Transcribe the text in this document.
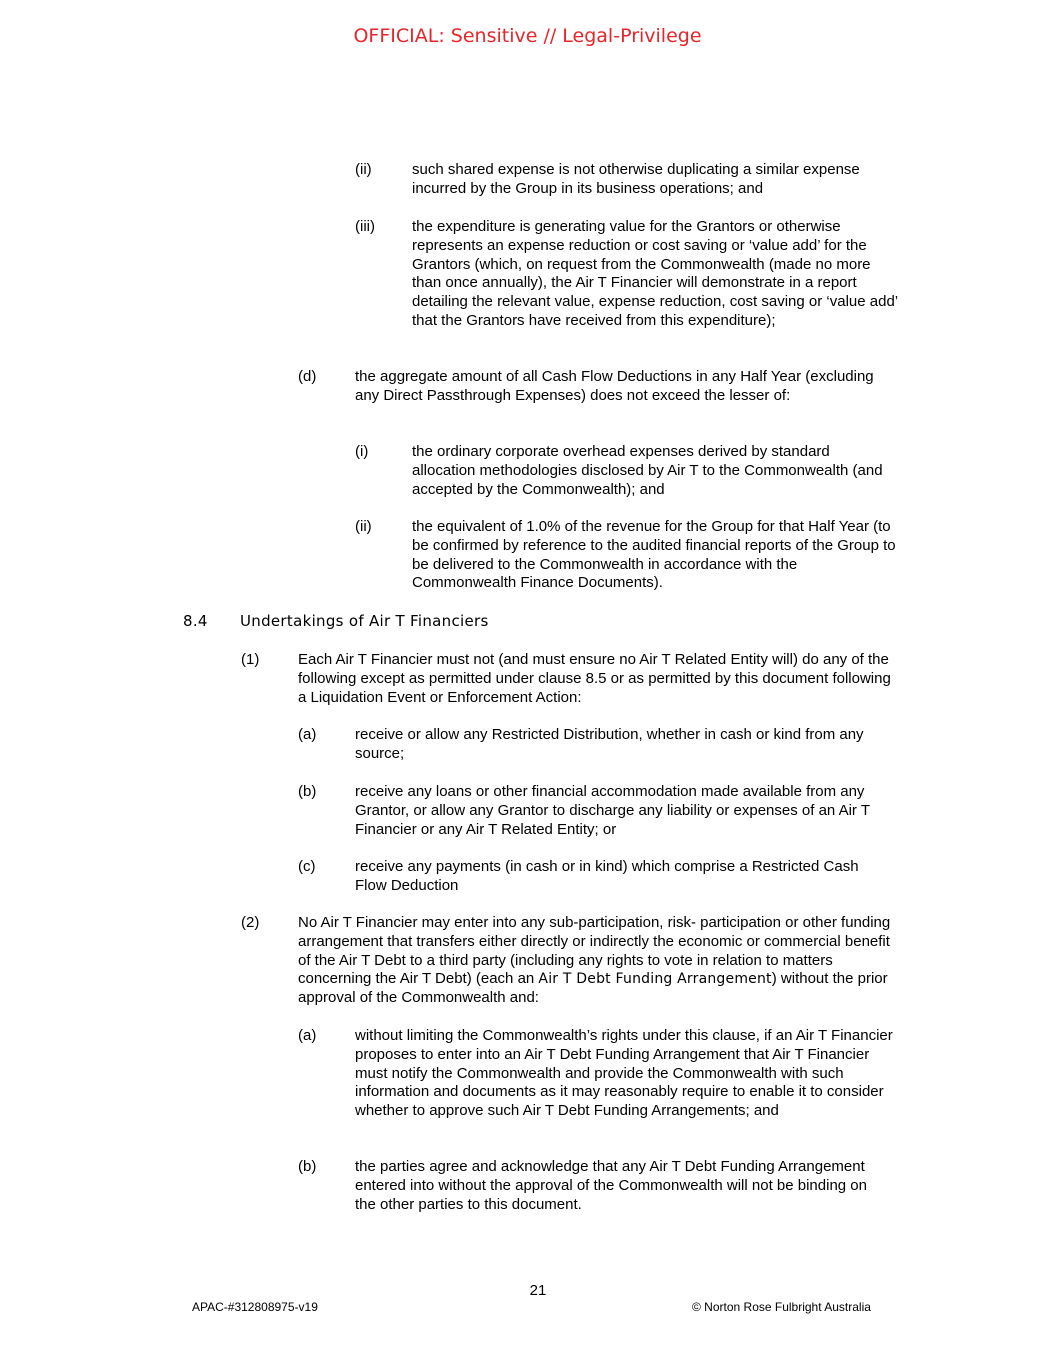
OFFICIAL: Sensitive // Legal-Privilege
(ii)	such shared expense is not otherwise duplicating a similar expense incurred by the Group in its business operations; and
(iii) the expenditure is generating value for the Grantors or otherwise represents an expense reduction or cost saving or ‘value add’ for the Grantors (which, on request from the Commonwealth (made no more than once annually), the Air T Financier will demonstrate in a report detailing the relevant value, expense reduction, cost saving or ‘value add’ that the Grantors have received from this expenditure);
(d)	the aggregate amount of all Cash Flow Deductions in any Half Year (excluding any Direct Passthrough Expenses) does not exceed the lesser of:
(i)	the ordinary corporate overhead expenses derived by standard allocation methodologies disclosed by Air T to the Commonwealth (and accepted by the Commonwealth); and
(ii)	the equivalent of 1.0% of the revenue for the Group for that Half Year (to be confirmed by reference to the audited financial reports of the Group to be delivered to the Commonwealth in accordance with the Commonwealth Finance Documents).
8.4 Undertakings of Air T Financiers
(1)	Each Air T Financier must not (and must ensure no Air T Related Entity will) do any of the following except as permitted under clause 8.5 or as permitted by this document following a Liquidation Event or Enforcement Action:
(a)	receive or allow any Restricted Distribution, whether in cash or kind from any source;
(b)	receive any loans or other financial accommodation made available from any Grantor, or allow any Grantor to discharge any liability or expenses of an Air T Financier or any Air T Related Entity; or
(c)	receive any payments (in cash or in kind) which comprise a Restricted Cash Flow Deduction
(2)	No Air T Financier may enter into any sub-participation, risk- participation or other funding arrangement that transfers either directly or indirectly the economic or commercial benefit of the Air T Debt to a third party (including any rights to vote in relation to matters concerning the Air T Debt) (each an Air T Debt Funding Arrangement) without the prior approval of the Commonwealth and:
(a)	without limiting the Commonwealth’s rights under this clause, if an Air T Financier proposes to enter into an Air T Debt Funding Arrangement that Air T Financier must notify the Commonwealth and provide the Commonwealth with such information and documents as it may reasonably require to enable it to consider whether to approve such Air T Debt Funding Arrangements; and
(b)	the parties agree and acknowledge that any Air T Debt Funding Arrangement entered into without the approval of the Commonwealth will not be binding on the other parties to this document.
21
APAC-#312808975-v19	© Norton Rose Fulbright Australia
